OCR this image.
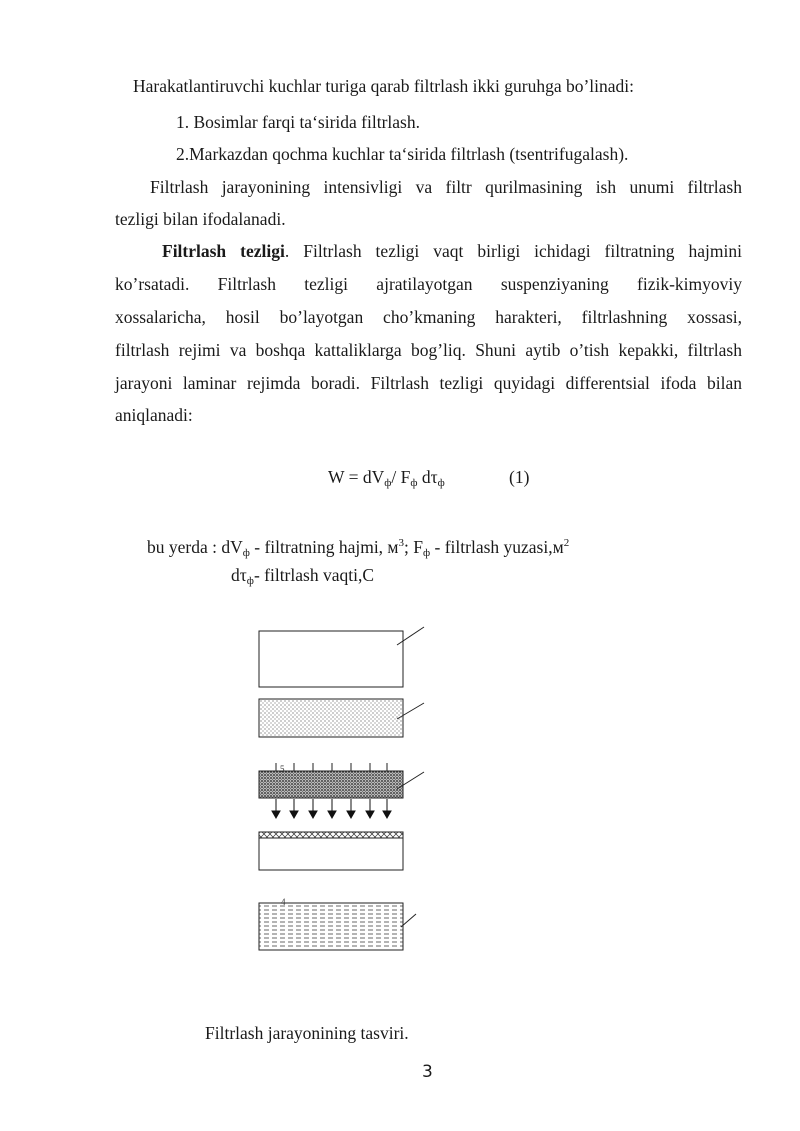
Harakatlantiruvchi kuchlar turiga qarab filtrlash ikki guruhga bo’linadi:
1. Bosimlar farqi ta‘sirida filtrlash.
2.Markazdan qochma kuchlar ta‘sirida filtrlash (tsentrifugalash).
Filtrlash jarayonining intensivligi va filtr qurilmasining ish unumi filtrlash
tezligi bilan ifodalanadi.
Filtrlash tezligi. Filtrlash tezligi vaqt birligi ichidagi filtratning hajmini
ko’rsatadi. Filtrlash tezligi ajratilayotgan suspenziyaning fizik-kimyoviy
xossalaricha, hosil bo’layotgan cho’kmaning harakteri, filtrlashning xossasi,
filtrlash rejimi va boshqa kattaliklarga bog’liq. Shuni aytib o’tish kepakki, filtrlash
jarayoni laminar rejimda boradi. Filtrlash tezligi quyidagi differentsial ifoda bilan
aniqlanadi:
$W = dV_ф/$ $F_ф$ $d\tau_ф$	(1)
bu yerda : $dV_ф$ - filtratning hajmi, $м^3$; $F_ф$ - filtrlash $yuzasi,м^2$
$d\tau_ф-$ filtrlash vaqti,С
5
4
Filtrlash jarayonining tasviri.
3
